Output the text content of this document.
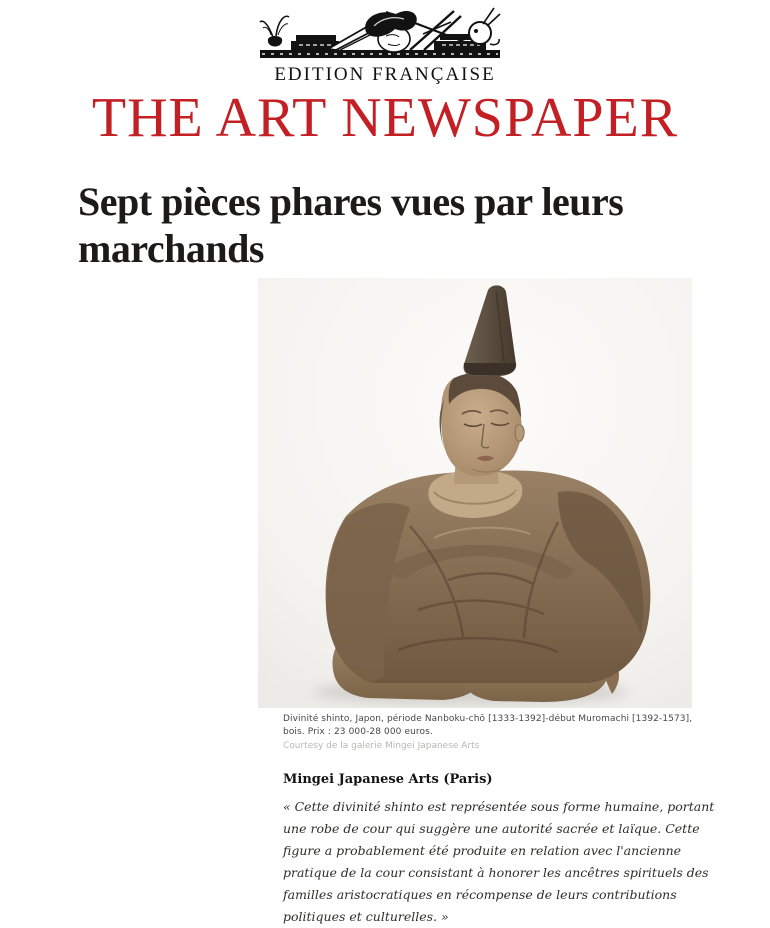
EDITION FRANÇAISE
THE ART NEWSPAPER
Sept pièces phares vues par leurs marchands
Divinité shinto, Japon, période Nanboku-chō [1333-1392]-début Muromachi [1392-1573], bois. Prix : 23 000-28 000 euros.
Courtesy de la galerie Mingei Japanese Arts
Mingei Japanese Arts (Paris)

« Cette divinité shinto est représentée sous forme humaine, portant une robe de cour qui suggère une autorité sacrée et laïque. Cette figure a probablement été produite en relation avec l'ancienne pratique de la cour consistant à honorer les ancêtres spirituels des familles aristocratiques en récompense de leurs contributions politiques et culturelles. »
